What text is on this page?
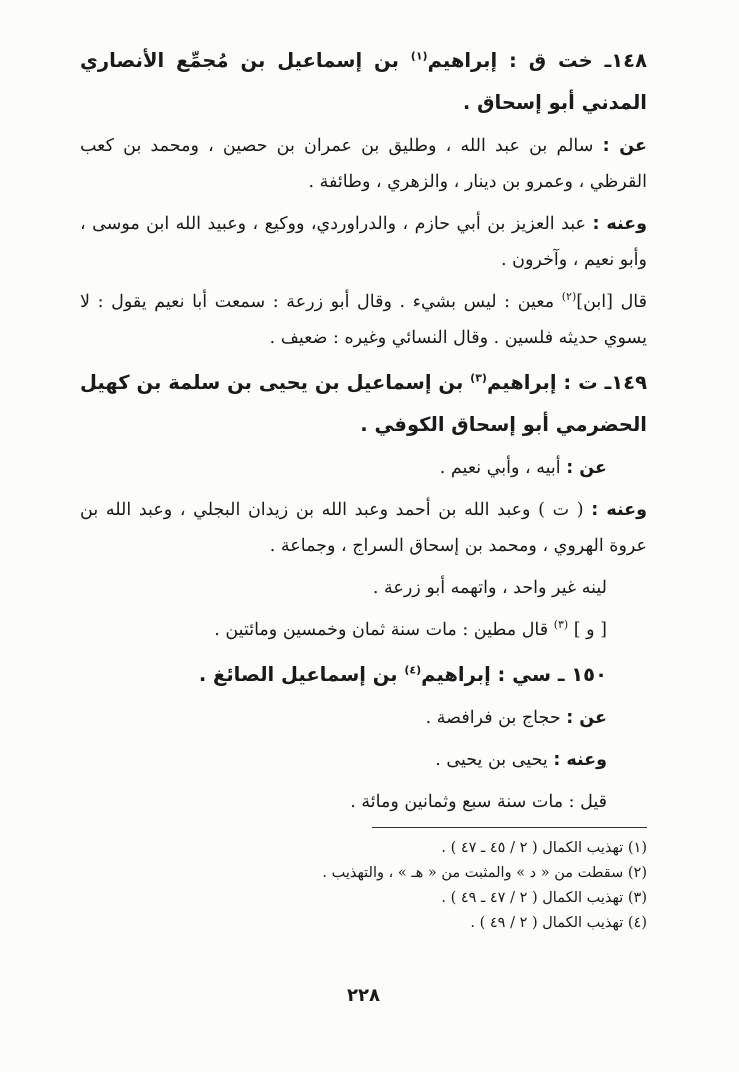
١٤٨ـ خت ق : إبراهيم$^{(١)}$ بن إسماعيل بن مُجمِّع الأنصاري المدني أبو إسحاق .

عن : سالم بن عبد الله ، وطليق بن عمران بن حصين ، ومحمد بن كعب القرظي ، وعمرو بن دينار ، والزهري ، وطائفة .

وعنه : عبد العزيز بن أبي حازم ، والدراوردي، ووكيع ، وعبيد الله ابن موسى ، وأبو نعيم ، وآخرون .

قال [ابن]$^{(٢)}$ معين : ليس بشيء . وقال أبو زرعة : سمعت أبا نعيم يقول : لا يسوي حديثه فلسين . وقال النسائي وغيره : ضعيف .

١٤٩ـ ت : إبراهيم$^{(٣)}$ بن إسماعيل بن يحيى بن سلمة بن كهيل الحضرمي أبو إسحاق الكوفي .

عن : أبيه ، وأبي نعيم .

وعنه : ( ت ) وعبد الله بن أحمد وعبد الله بن زيدان البجلي ، وعبد الله بن عروة الهروي ، ومحمد بن إسحاق السراج ، وجماعة .

لينه غير واحد ، واتهمه أبو زرعة .

[ و ] $^{(٣)}$ قال مطين : مات سنة ثمان وخمسين ومائتين .

١٥٠ ـ سي : إبراهيم$^{(٤)}$ بن إسماعيل الصائغ .

عن : حجاج بن فرافصة .

وعنه : يحيى بن يحيى .

قيل : مات سنة سبع وثمانين ومائة .

(١) تهذيب الكمال ( ٢ / ٤٥ ـ ٤٧ ) .

(٢) سقطت من « د » والمثبت من « هـ » ، والتهذيب .

(٣) تهذيب الكمال ( ٢ / ٤٧ ـ ٤٩ ) .

(٤) تهذيب الكمال ( ٢ / ٤٩ ) .

٢٢٨
